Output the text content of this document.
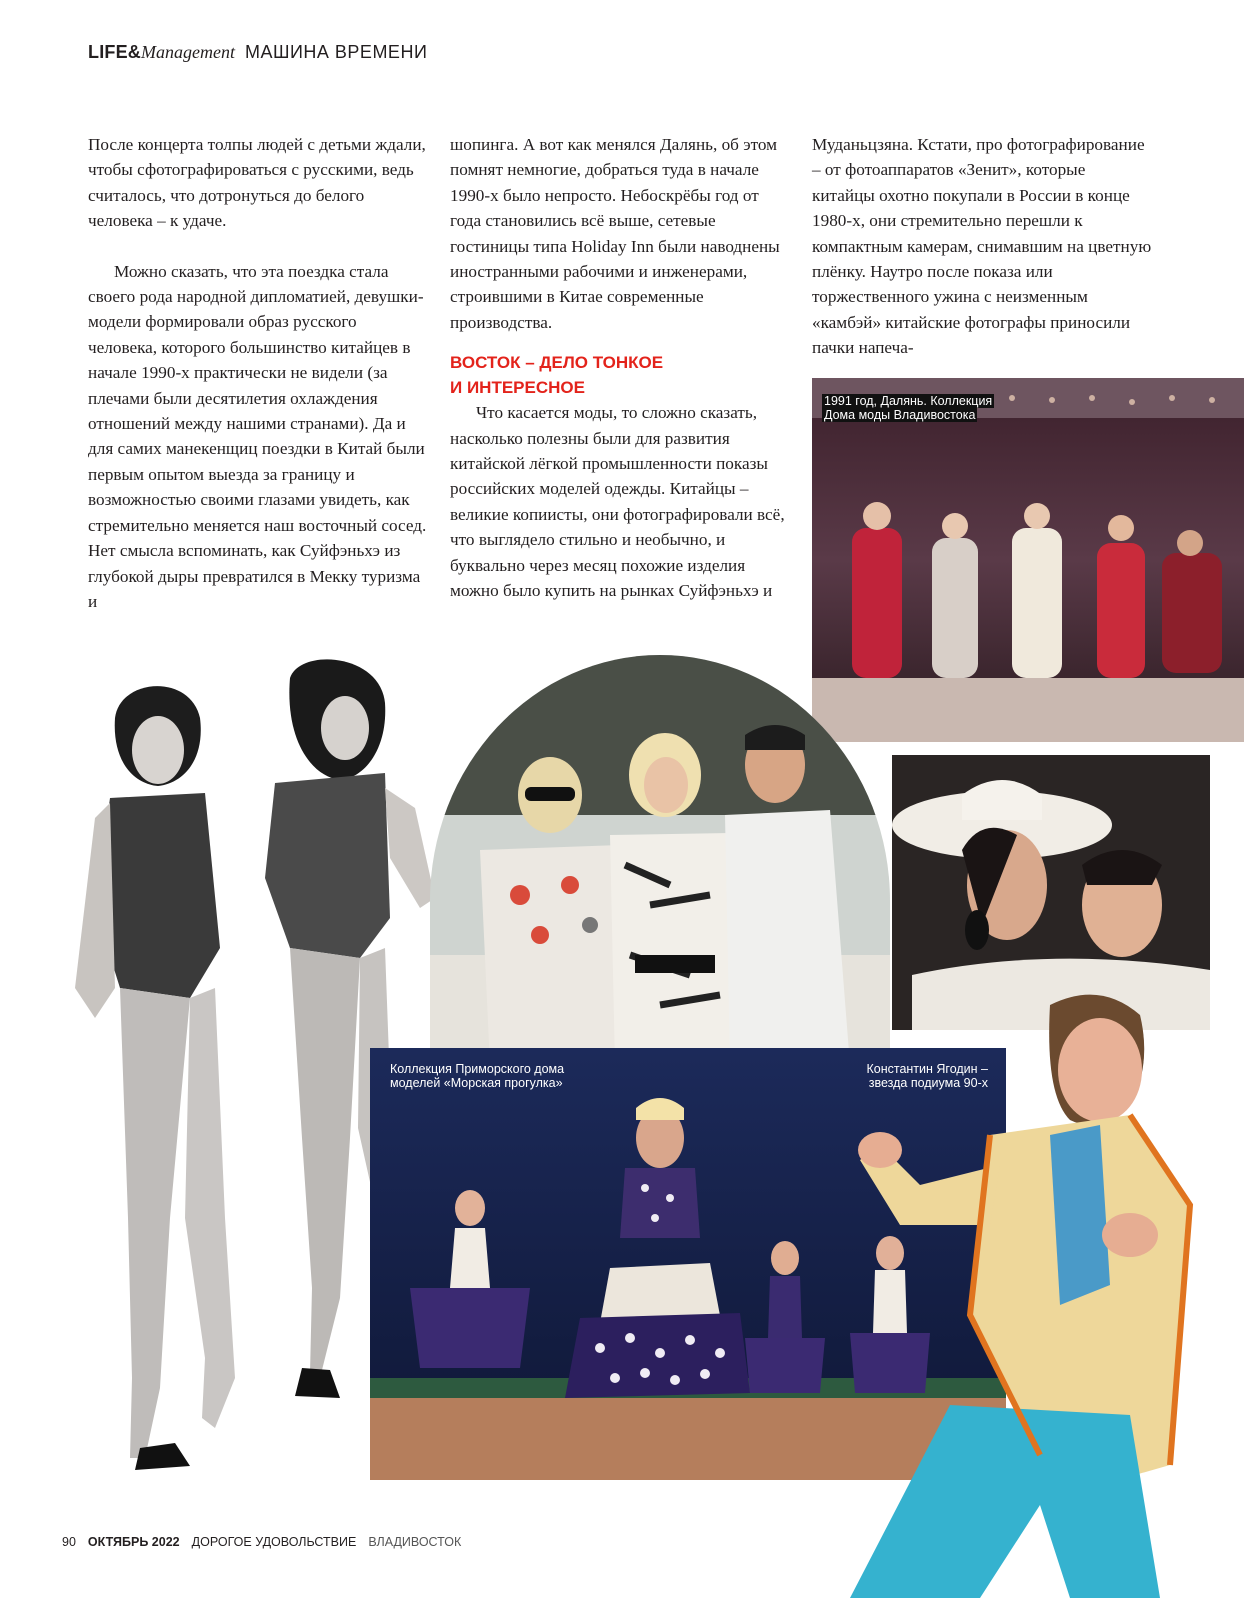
LIFE& Management МАШИНА ВРЕМЕНИ

После концерта толпы людей с детьми ждали, чтобы сфотографироваться с русскими, ведь считалось, что дотронуться до белого человека – к удаче.

Можно сказать, что эта поездка стала своего рода народной дипломатией, девушки-модели формировали образ русского человека, которого большинство китайцев в начале 1990-х практически не видели (за плечами были десятилетия охлаждения отношений между нашими странами). Да и для самих манекенщиц поездки в Китай были первым опытом выезда за границу и возможностью своими глазами увидеть, как стремительно меняется наш восточный сосед. Нет смысла вспоминать, как Суйфэньхэ из глубокой дыры превратился в Мекку туризма и

шопинга. А вот как менялся Далянь, об этом помнят немногие, добраться туда в начале 1990-х было непросто. Небоскрёбы год от года становились всё выше, сетевые гостиницы типа Holiday Inn были наводнены иностранными рабочими и инженерами, строившими в Китае современные производства.

ВОСТОК – ДЕЛО ТОНКОЕ
И ИНТЕРЕСНОЕ

Что касается моды, то сложно сказать, насколько полезны были для развития китайской лёгкой промышленности показы российских моделей одежды. Китайцы – великие копиисты, они фотографировали всё, что выглядело стильно и необычно, и буквально через месяц похожие изделия можно было купить на рынках Суйфэньхэ и

Муданьцзяна. Кстати, про фотографирование – от фотоаппаратов «Зенит», которые китайцы охотно покупали в России в конце 1980-х, они стремительно перешли к компактным камерам, снимавшим на цветную плёнку. Наутро после показа или торжественного ужина с неизменным «камбэй» китайские фотографы приносили пачки напеча-

1991 год, Далянь. Коллекция
Дома моды Владивостока
Коллекция Приморского дома
моделей «Морская прогулка»
Константин Ягодин –
звезда подиума 90-х
90 ОКТЯБРЬ 2022 ДОРОГОЕ УДОВОЛЬСТВИЕ ВЛАДИВОСТОК
